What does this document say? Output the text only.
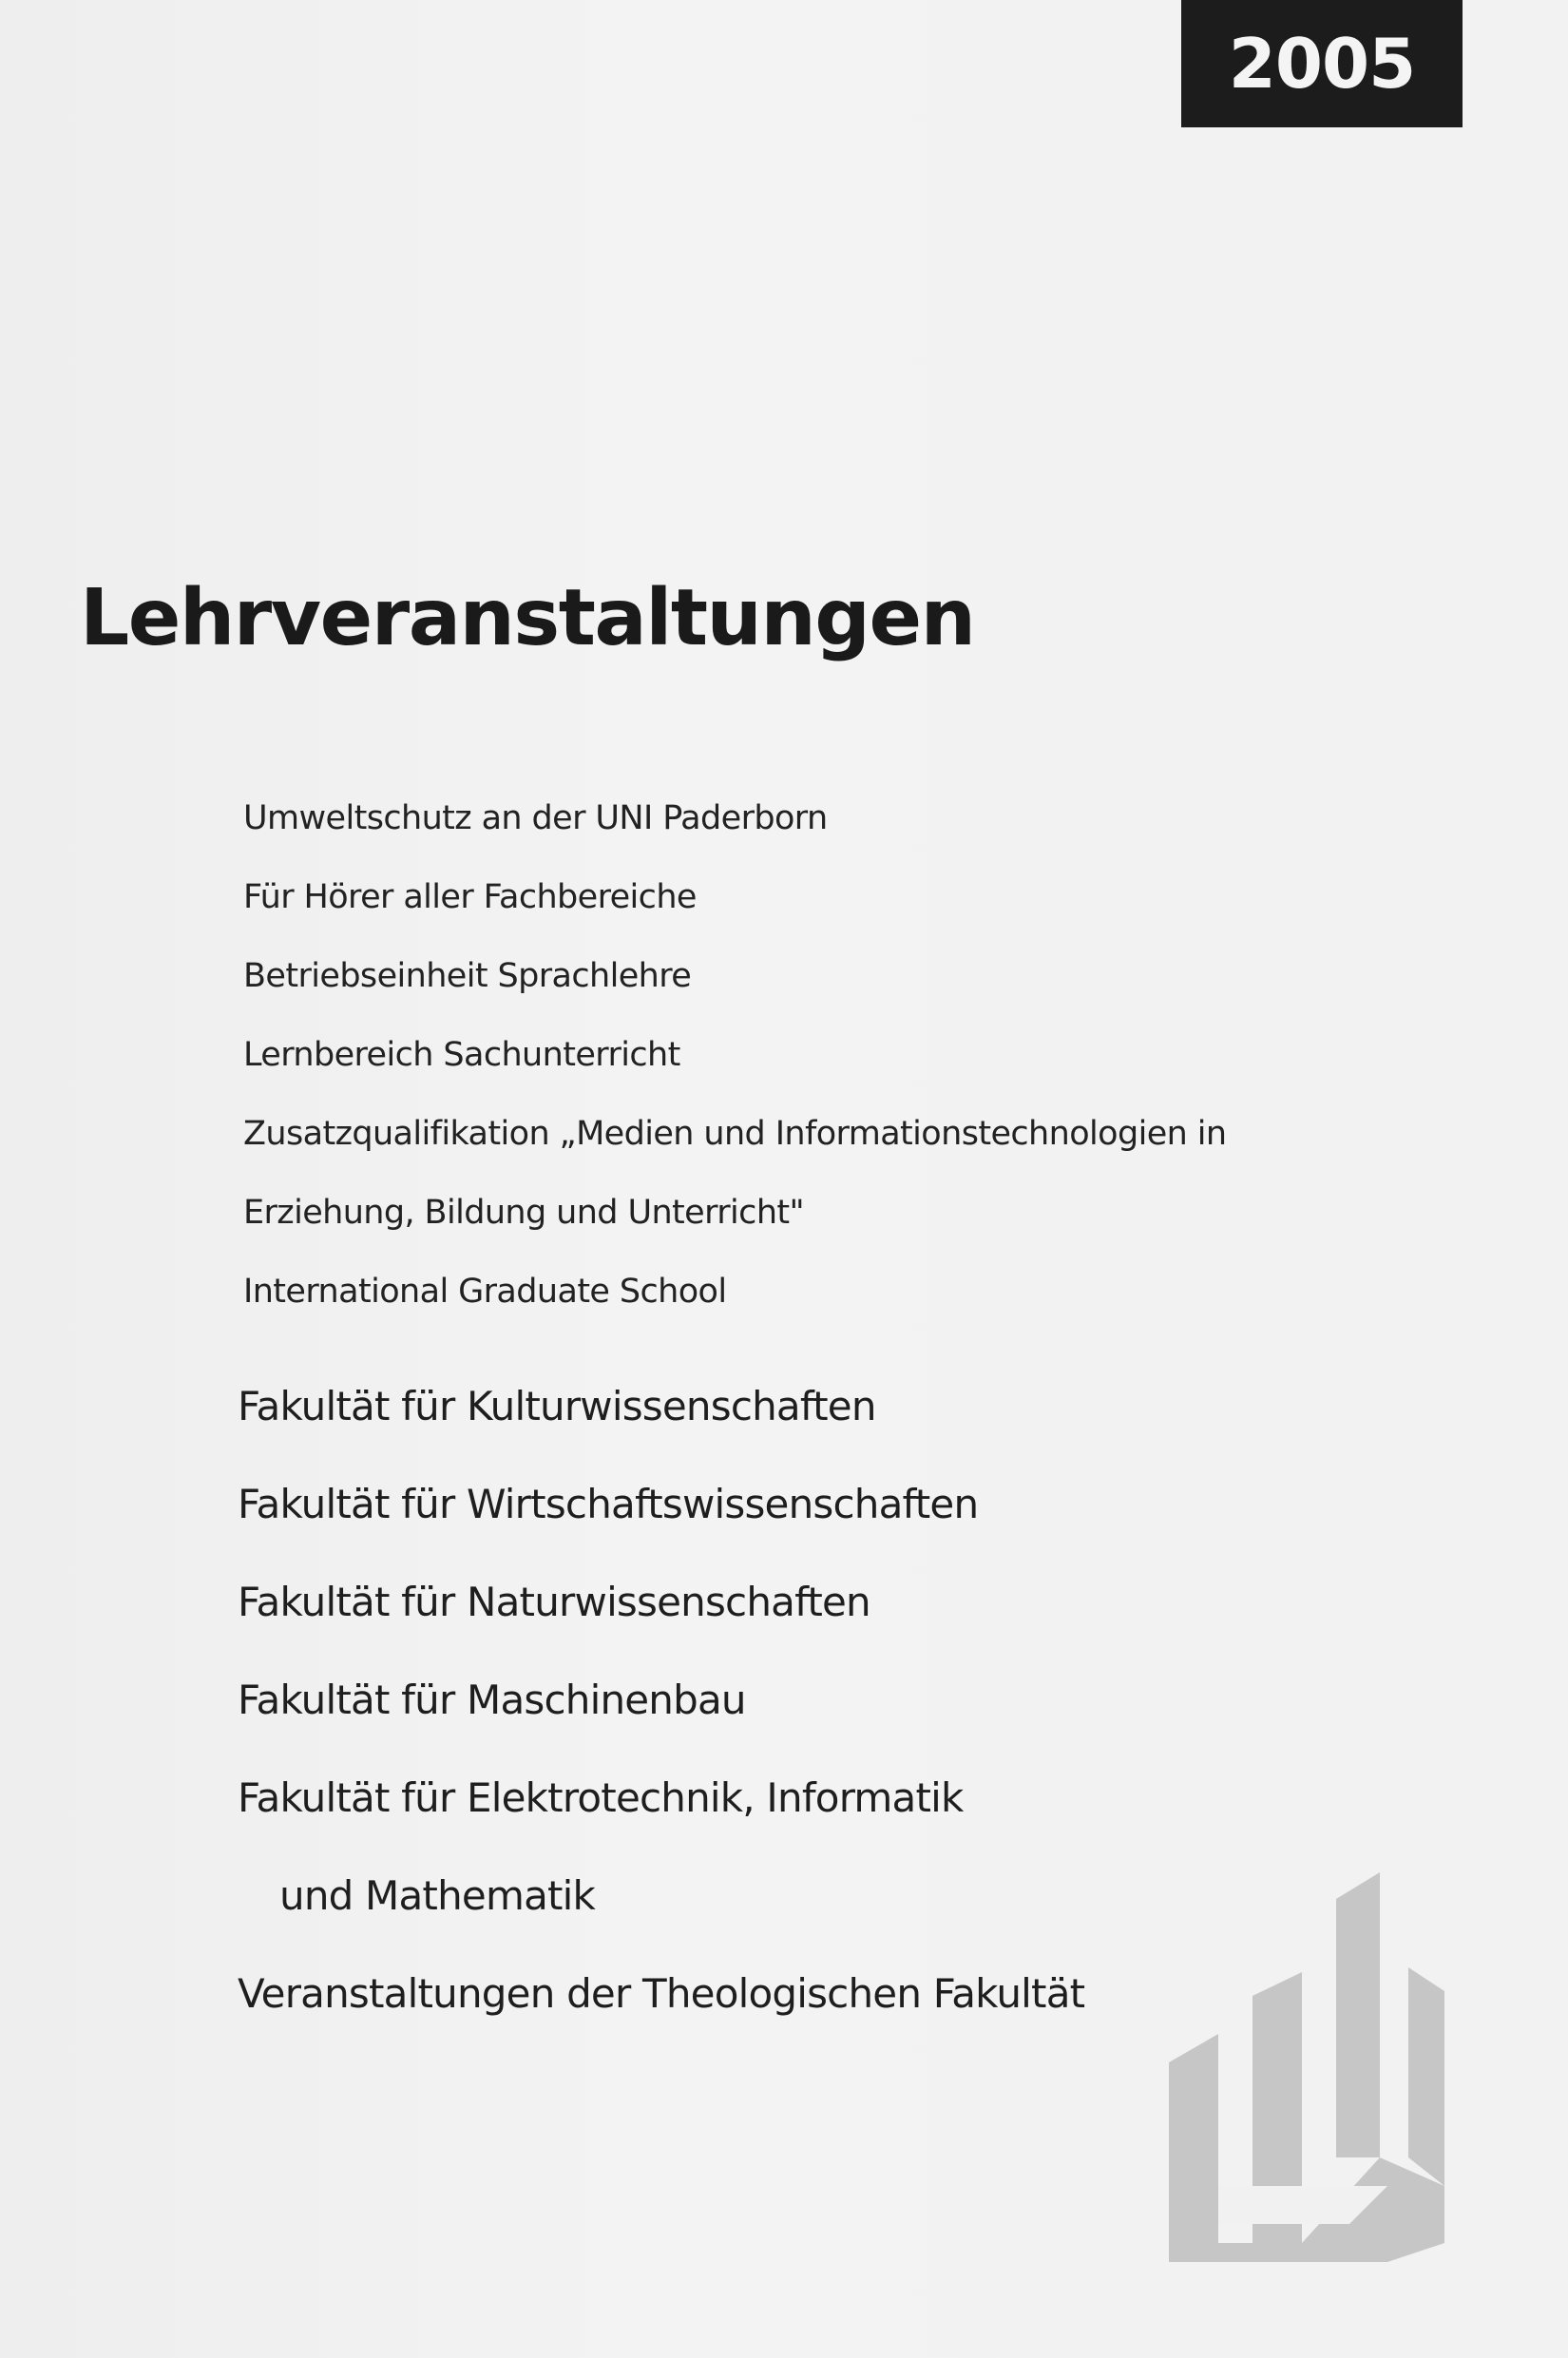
2005
Lehrveranstaltungen
Umweltschutz an der UNI Paderborn
Für Hörer aller Fachbereiche
Betriebseinheit Sprachlehre
Lernbereich Sachunterricht
Zusatzqualifikation „Medien und Informationstechnologien in
Erziehung, Bildung und Unterricht"
International Graduate School
Fakultät für Kulturwissenschaften
Fakultät für Wirtschaftswissenschaften
Fakultät für Naturwissenschaften
Fakultät für Maschinenbau
Fakultät für Elektrotechnik, Informatik
und Mathematik
Veranstaltungen der Theologischen Fakultät
